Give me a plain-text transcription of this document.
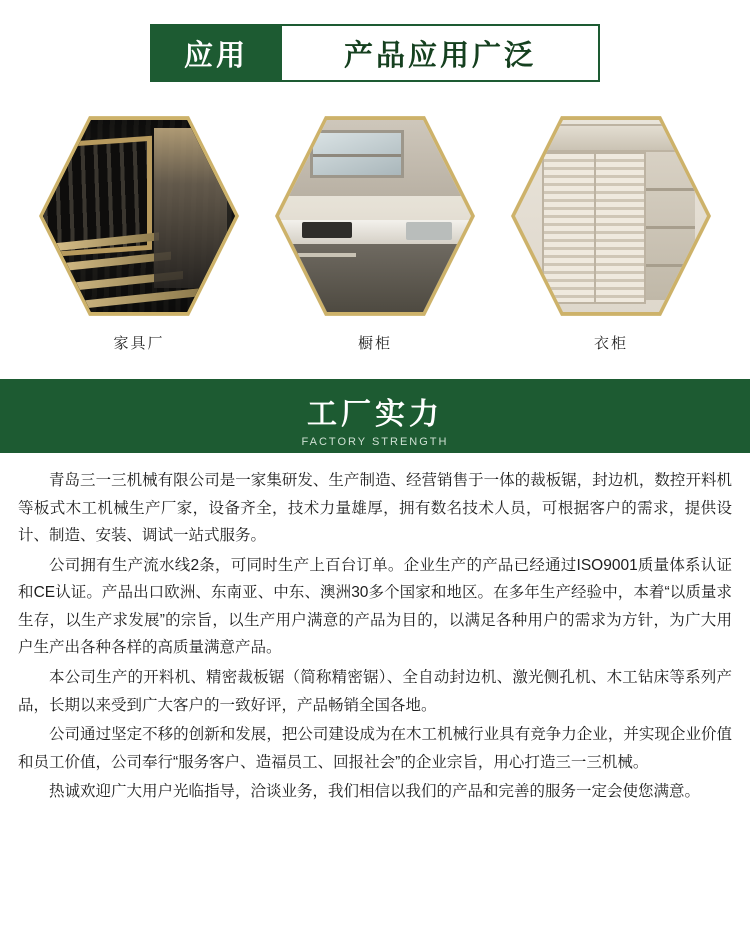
应用	产品应用广泛
家具厂	橱柜	衣柜
工厂实力
FACTORY STRENGTH

青岛三一三机械有限公司是一家集研发、生产制造、经营销售于一体的裁板锯，封边机，数控开料机等板式木工机械生产厂家，设备齐全，技术力量雄厚，拥有数名技术人员，可根据客户的需求，提供设计、制造、安装、调试一站式服务。

公司拥有生产流水线2条，可同时生产上百台订单。企业生产的产品已经通过ISO9001质量体系认证和CE认证。产品出口欧洲、东南亚、中东、澳洲30多个国家和地区。在多年生产经验中，本着“以质量求生存，以生产求发展”的宗旨，以生产用户满意的产品为目的，以满足各种用户的需求为方针，为广大用户生产出各种各样的高质量满意产品。

本公司生产的开料机、精密裁板锯（简称精密锯）、全自动封边机、激光侧孔机、木工钻床等系列产品，长期以来受到广大客户的一致好评，产品畅销全国各地。

公司通过坚定不移的创新和发展，把公司建设成为在木工机械行业具有竞争力企业，并实现企业价值和员工价值，公司奉行“服务客户、造福员工、回报社会”的企业宗旨，用心打造三一三机械。

热诚欢迎广大用户光临指导，洽谈业务，我们相信以我们的产品和完善的服务一定会使您满意。
